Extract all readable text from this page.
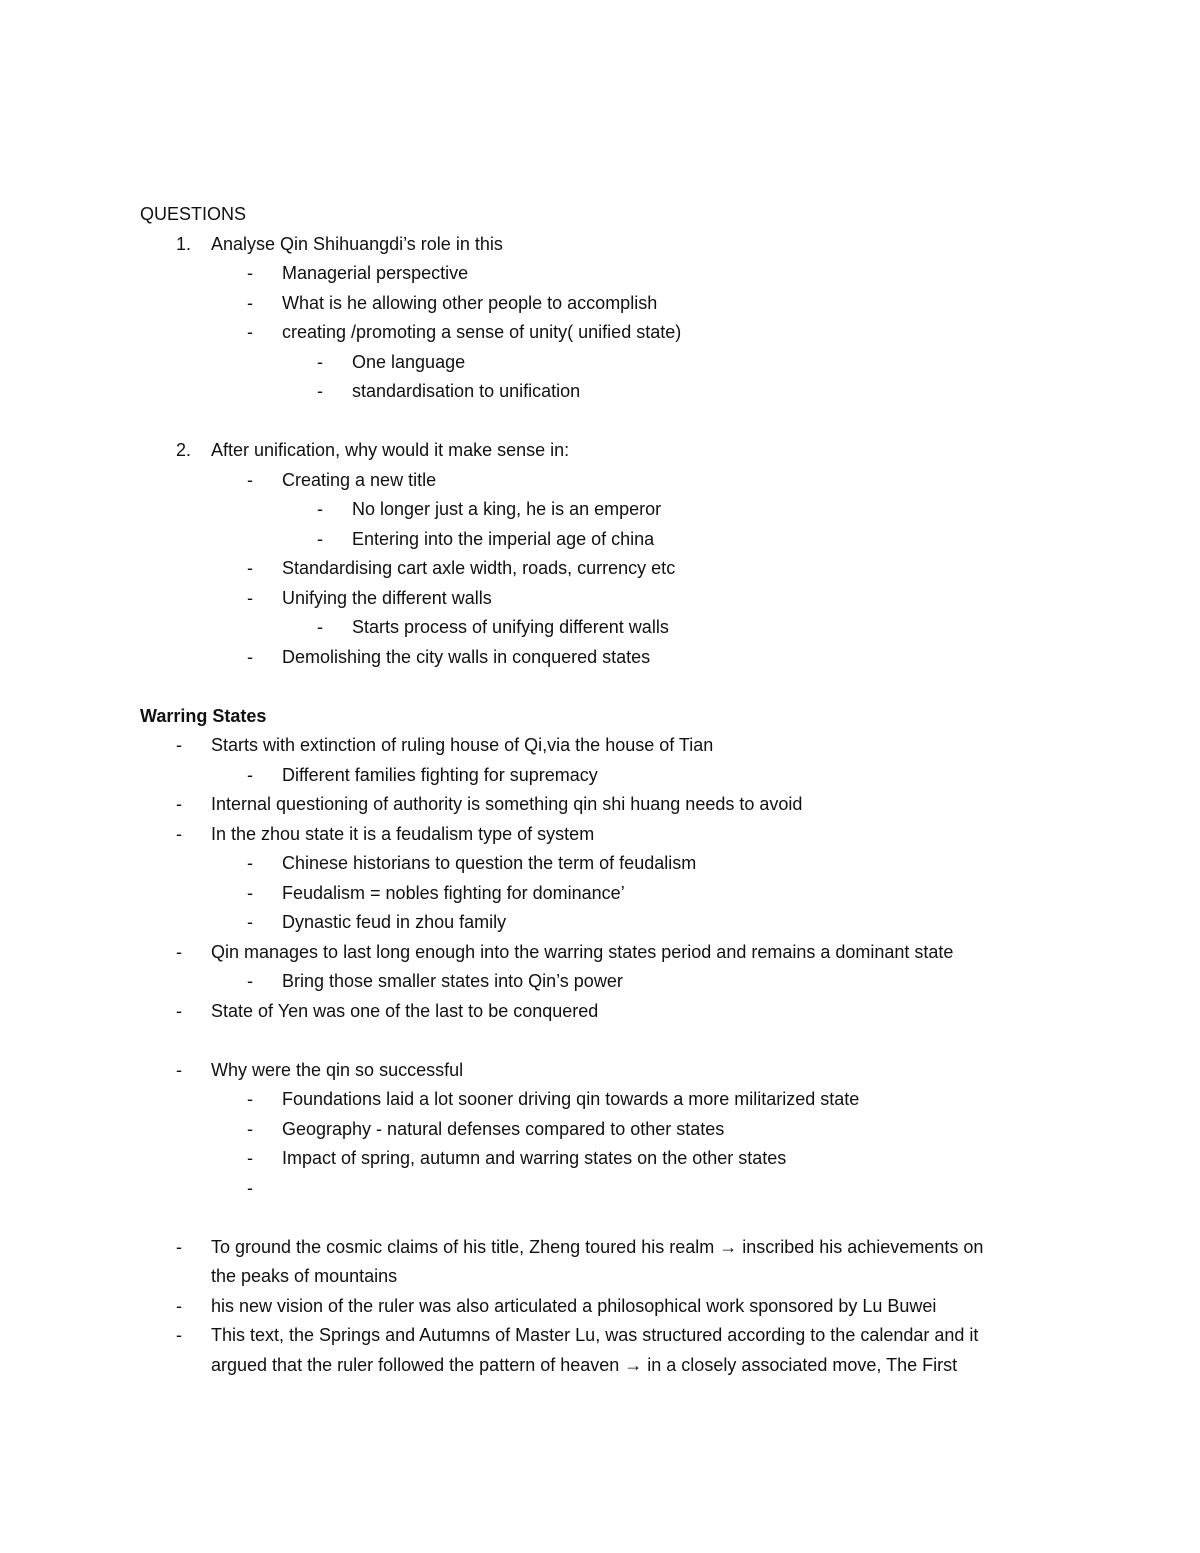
QUESTIONS
1. Analyse Qin Shihuangdi’s role in this
- Managerial perspective
- What is he allowing other people to accomplish
- creating /promoting a sense of unity( unified state)
- One language
- standardisation to unification
2. After unification, why would it make sense in:
- Creating a new title
- No longer just a king, he is an emperor
- Entering into the imperial age of china
- Standardising cart axle width, roads, currency etc
- Unifying the different walls
- Starts process of unifying different walls
- Demolishing the city walls in conquered states
Warring States
- Starts with extinction of ruling house of Qi,via the house of Tian
- Different families fighting for supremacy
- Internal questioning of authority is something qin shi huang needs to avoid
- In the zhou state it is a feudalism type of system
- Chinese historians to question the term of feudalism
- Feudalism = nobles fighting for dominance’
- Dynastic feud in zhou family
- Qin manages to last long enough into the warring states period and remains a dominant state
- Bring those smaller states into Qin’s power
- State of Yen was one of the last to be conquered
- Why were the qin so successful
- Foundations laid a lot sooner driving qin towards a more militarized state
- Geography - natural defenses compared to other states
- Impact of spring, autumn and warring states on the other states
-
- To ground the cosmic claims of his title, Zheng toured his realm → inscribed his achievements on
the peaks of mountains
- his new vision of the ruler was also articulated a philosophical work sponsored by Lu Buwei
- This text, the Springs and Autumns of Master Lu, was structured according to the calendar and it
argued that the ruler followed the pattern of heaven → in a closely associated move, The First
